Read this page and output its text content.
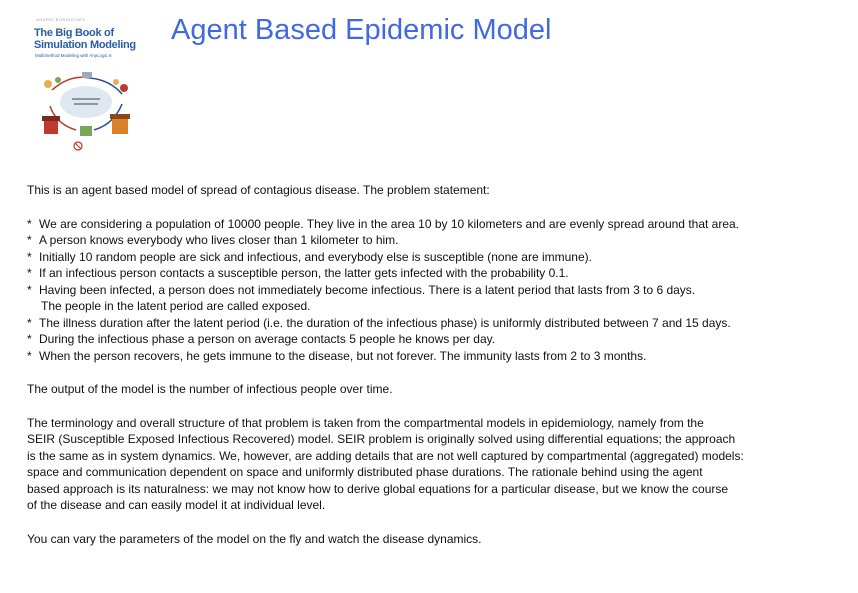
ANDREI BORSHCHEV
The Big Book of
Simulation Modeling
Multimethod Modeling with AnyLogic 6
Agent Based Epidemic Model

This is an agent based model of spread of contagious disease. The problem statement:

* We are considering a population of 10000 people. They live in the area 10 by 10 kilometers and are evenly spread around that area.
* A person knows everybody who lives closer than 1 kilometer to him.
* Initially 10 random people are sick and infectious, and everybody else is susceptible (none are immune).
* If an infectious person contacts a susceptible person, the latter gets infected with the probability 0.1.
* Having been infected, a person does not immediately become infectious. There is a latent period that lasts from 3 to 6 days.
The people in the latent period are called exposed.
* The illness duration after the latent period (i.e. the duration of the infectious phase) is uniformly distributed between 7 and 15 days.
* During the infectious phase a person on average contacts 5 people he knows per day.
* When the person recovers, he gets immune to the disease, but not forever. The immunity lasts from 2 to 3 months.

The output of the model is the number of infectious people over time.

The terminology and overall structure of that problem is taken from the compartmental models in epidemiology, namely from the
SEIR (Susceptible Exposed Infectious Recovered) model. SEIR problem is originally solved using differential equations; the approach
is the same as in system dynamics. We, however, are adding details that are not well captured by compartmental (aggregated) models:
space and communication dependent on space and uniformly distributed phase durations. The rationale behind using the agent
based approach is its naturalness: we may not know how to derive global equations for a particular disease, but we know the course
of the disease and can easily model it at individual level.

You can vary the parameters of the model on the fly and watch the disease dynamics.
